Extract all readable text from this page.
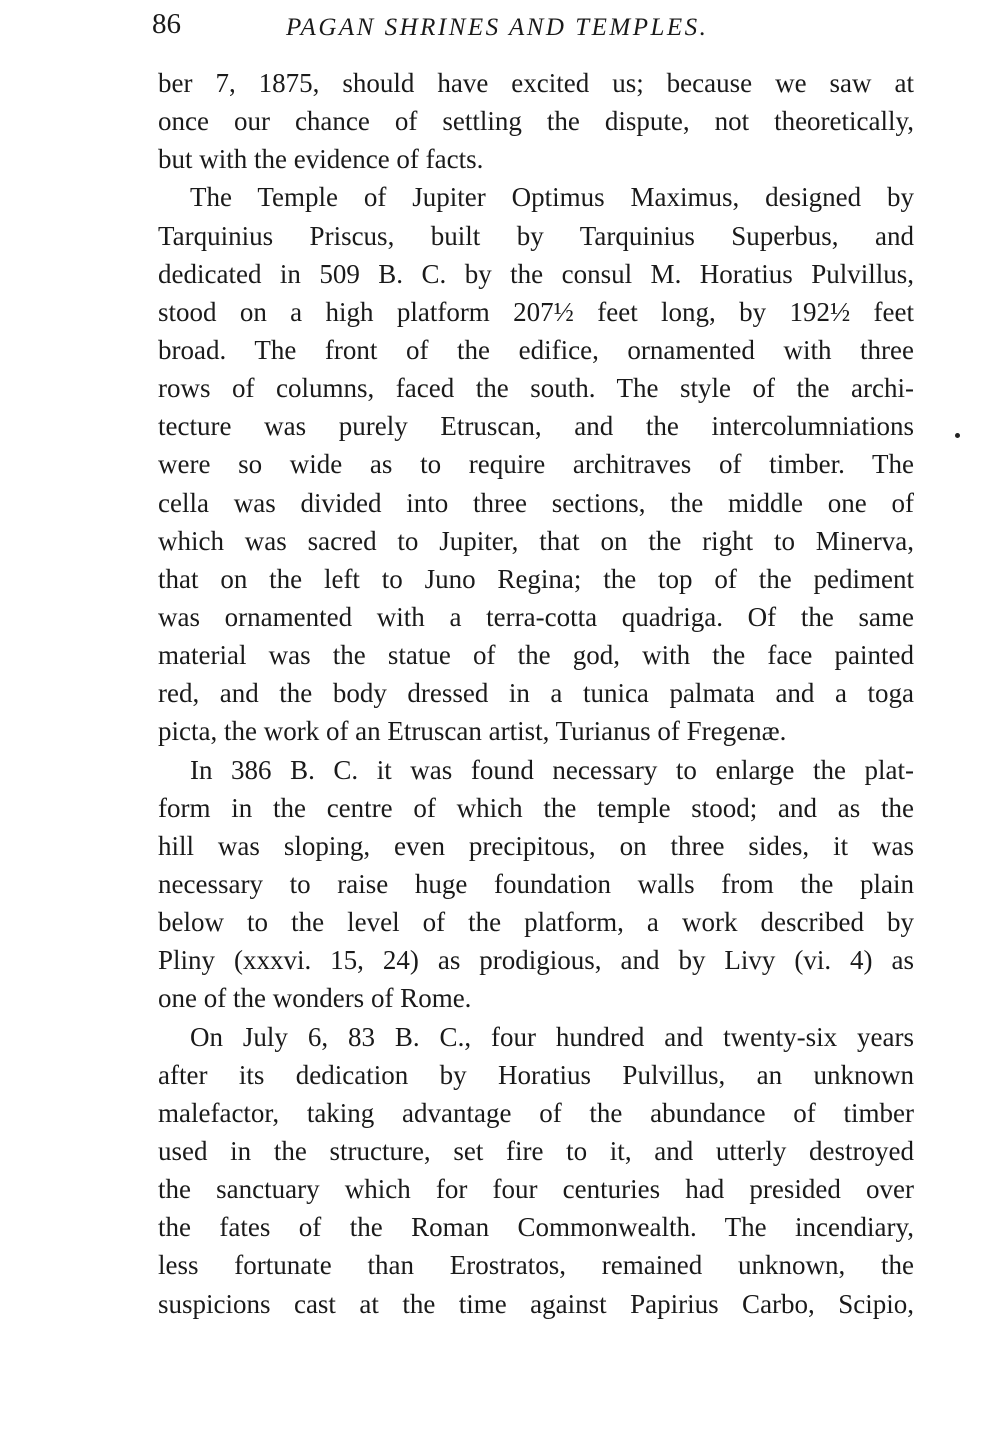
86	PAGAN SHRINES AND TEMPLES.
ber 7, 1875, should have excited us; because we saw at
once our chance of settling the dispute, not theoretically,
but with the evidence of facts.
The Temple of Jupiter Optimus Maximus, designed by
Tarquinius Priscus, built by Tarquinius Superbus, and
dedicated in 509 B. C. by the consul M. Horatius Pulvillus,
stood on a high platform 207½ feet long, by 192½ feet
broad. The front of the edifice, ornamented with three
rows of columns, faced the south. The style of the archi-
tecture was purely Etruscan, and the intercolumniations
were so wide as to require architraves of timber. The
cella was divided into three sections, the middle one of
which was sacred to Jupiter, that on the right to Minerva,
that on the left to Juno Regina; the top of the pediment
was ornamented with a terra-cotta quadriga. Of the same
material was the statue of the god, with the face painted
red, and the body dressed in a tunica palmata and a toga
picta, the work of an Etruscan artist, Turianus of Fregenæ.
In 386 B. C. it was found necessary to enlarge the plat-
form in the centre of which the temple stood; and as the
hill was sloping, even precipitous, on three sides, it was
necessary to raise huge foundation walls from the plain
below to the level of the platform, a work described by
Pliny (xxxvi. 15, 24) as prodigious, and by Livy (vi. 4) as
one of the wonders of Rome.
On July 6, 83 B. C., four hundred and twenty-six years
after its dedication by Horatius Pulvillus, an unknown
malefactor, taking advantage of the abundance of timber
used in the structure, set fire to it, and utterly destroyed
the sanctuary which for four centuries had presided over
the fates of the Roman Commonwealth. The incendiary,
less fortunate than Erostratos, remained unknown, the
suspicions cast at the time against Papirius Carbo, Scipio,
